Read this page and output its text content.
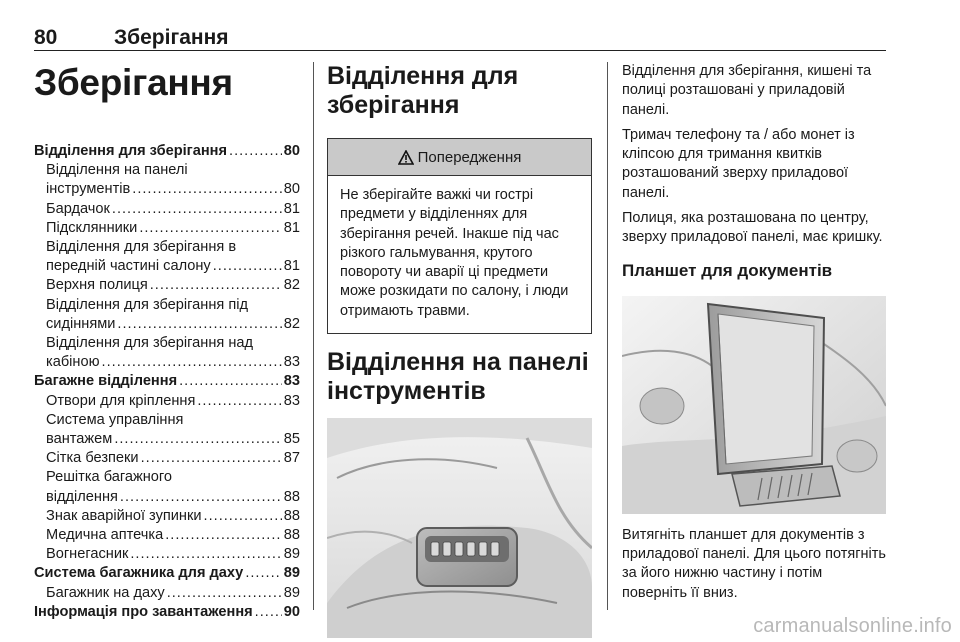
80	Зберігання
Зберігання
Відділення для зберігання .....	80
Відділення на панелі
інструментів .....	80
Бардачок .....	81
Підсклянники .....	81
Відділення для зберігання в
передній частині салону .....	81
Верхня полиця .....	82
Відділення для зберігання під
сидіннями .....	82
Відділення для зберігання над
кабіною .....	83
Багажне відділення .....	83
Отвори для кріплення .....	83
Система управління
вантажем .....	85
Сітка безпеки .....	87
Решітка багажного
відділення .....	88
Знак аварійної зупинки .....	88
Медична аптечка .....	88
Вогнегасник .....	89
Система багажника для даху .....	89
Багажник на даху .....	89
Інформація про завантаження ..... 90
Відділення для зберігання
Попередження
Не зберігайте важкі чи гострі предмети у відділеннях для зберігання речей. Інакше під час різкого гальмування, крутого повороту чи аварії ці предмети може розкидати по салону, і люди отримають травми.
Відділення на панелі інструментів

Відділення для зберігання, кишені та полиці розташовані у приладовій панелі.

Тримач телефону та / або монет із кліпсою для тримання квитків розташований зверху приладової панелі.

Полиця, яка розташована по центру, зверху приладової панелі, має кришку.

Планшет для документів

Витягніть планшет для документів з приладової панелі. Для цього потягніть за його нижню частину і потім поверніть її вниз.

carmanualsonline.info
